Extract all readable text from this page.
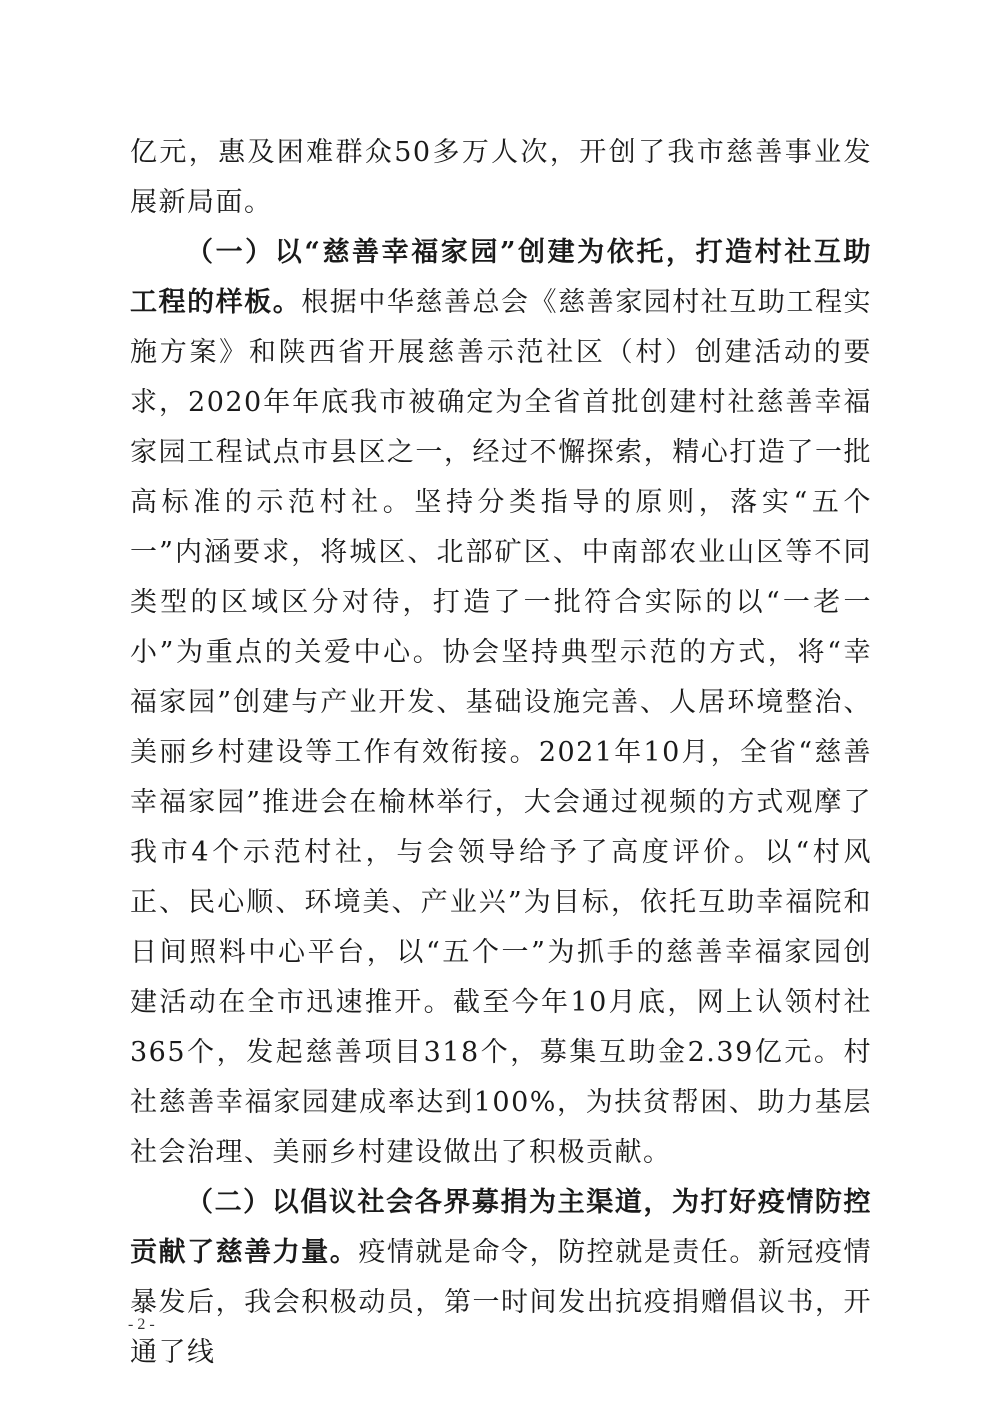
亿元，惠及困难群众50多万人次，开创了我市慈善事业发展新局面。

（一）以“慈善幸福家园”创建为依托，打造村社互助工程的样板。根据中华慈善总会《慈善家园村社互助工程实施方案》和陕西省开展慈善示范社区（村）创建活动的要求，2020年年底我市被确定为全省首批创建村社慈善幸福家园工程试点市县区之一，经过不懈探索，精心打造了一批高标准的示范村社。坚持分类指导的原则，落实“五个一”内涵要求，将城区、北部矿区、中南部农业山区等不同类型的区域区分对待，打造了一批符合实际的以“一老一小”为重点的关爱中心。协会坚持典型示范的方式，将“幸福家园”创建与产业开发、基础设施完善、人居环境整治、美丽乡村建设等工作有效衔接。2021年10月，全省“慈善幸福家园”推进会在榆林举行，大会通过视频的方式观摩了我市4个示范村社，与会领导给予了高度评价。以“村风正、民心顺、环境美、产业兴”为目标，依托互助幸福院和日间照料中心平台，以“五个一”为抓手的慈善幸福家园创建活动在全市迅速推开。截至今年10月底，网上认领村社365个，发起慈善项目318个，募集互助金2.39亿元。村社慈善幸福家园建成率达到100%，为扶贫帮困、助力基层社会治理、美丽乡村建设做出了积极贡献。

（二）以倡议社会各界募捐为主渠道，为打好疫情防控贡献了慈善力量。疫情就是命令，防控就是责任。新冠疫情暴发后，我会积极动员，第一时间发出抗疫捐赠倡议书，开通了线

- 2 -
